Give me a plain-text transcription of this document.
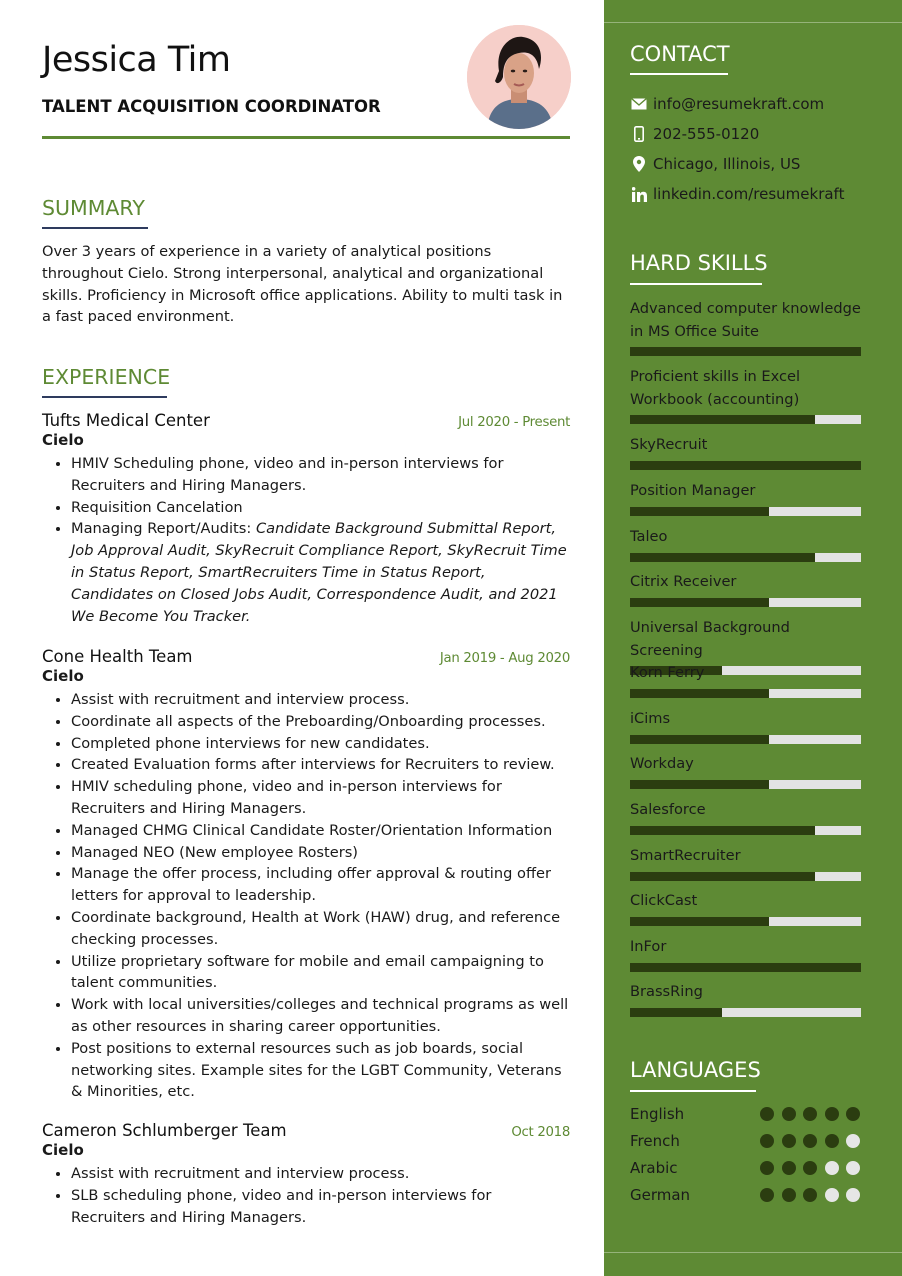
Jessica Tim
TALENT ACQUISITION COORDINATOR
SUMMARY

Over 3 years of experience in a variety of analytical positions throughout Cielo. Strong interpersonal, analytical and organizational skills. Proficiency in Microsoft office applications. Ability to multi task in a fast paced environment.

EXPERIENCE
Tufts Medical Center	Jul 2020 - Present
Cielo
• HMIV Scheduling phone, video and in-person interviews for Recruiters and Hiring Managers.
• Requisition Cancelation
• Managing Report/Audits: Candidate Background Submittal Report, Job Approval Audit, SkyRecruit Compliance Report, SkyRecruit Time in Status Report, SmartRecruiters Time in Status Report, Candidates on Closed Jobs Audit, Correspondence Audit, and 2021 We Become You Tracker.
Cone Health Team	Jan 2019 - Aug 2020
Cielo
• Assist with recruitment and interview process.
• Coordinate all aspects of the Preboarding/Onboarding processes.
• Completed phone interviews for new candidates.
• Created Evaluation forms after interviews for Recruiters to review.
• HMIV scheduling phone, video and in-person interviews for Recruiters and Hiring Managers.
• Managed CHMG Clinical Candidate Roster/Orientation Information
• Managed NEO (New employee Rosters)
• Manage the offer process, including offer approval & routing offer letters for approval to leadership.
• Coordinate background, Health at Work (HAW) drug, and reference checking processes.
• Utilize proprietary software for mobile and email campaigning to talent communities.
• Work with local universities/colleges and technical programs as well as other resources in sharing career opportunities.
• Post positions to external resources such as job boards, social networking sites. Example sites for the LGBT Community, Veterans & Minorities, etc.
Cameron Schlumberger Team	Oct 2018
Cielo
• Assist with recruitment and interview process.
• SLB scheduling phone, video and in-person interviews for Recruiters and Hiring Managers.
CONTACT
info@resumekraft.com
202-555-0120
Chicago, Illinois, US
linkedin.com/resumekraft
HARD SKILLS
Advanced computer knowledge in MS Office Suite
Proficient skills in Excel Workbook (accounting)
SkyRecruit
Position Manager
Taleo
Citrix Receiver
Universal Background Screening
Korn Ferry
iCims
Workday
Salesforce
SmartRecruiter
ClickCast
InFor
BrassRing
LANGUAGES
English
French
Arabic
German
